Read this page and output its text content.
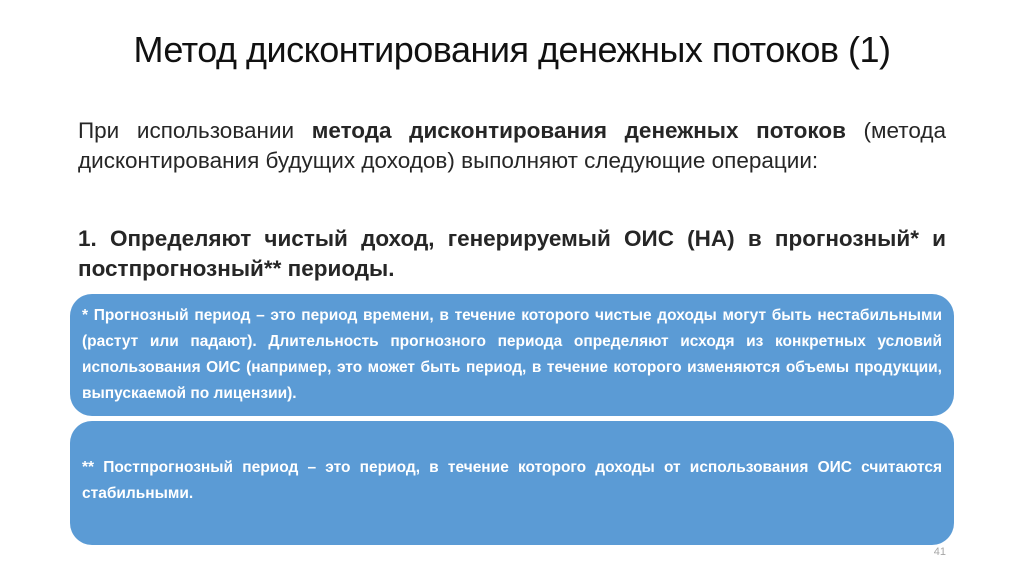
Метод дисконтирования денежных потоков (1)
При использовании метода дисконтирования денежных потоков (метода дисконтирования будущих доходов) выполняют следующие операции:
1. Определяют чистый доход, генерируемый ОИС (НА) в прогнозный* и постпрогнозный** периоды.
* Прогнозный период – это период времени, в течение которого чистые доходы могут быть нестабильными (растут или падают). Длительность прогнозного периода определяют исходя из конкретных условий использования ОИС (например, это может быть период, в течение которого изменяются объемы продукции, выпускаемой по лицензии).
** Постпрогнозный период – это период, в течение которого доходы от использования ОИС считаются стабильными.
41
